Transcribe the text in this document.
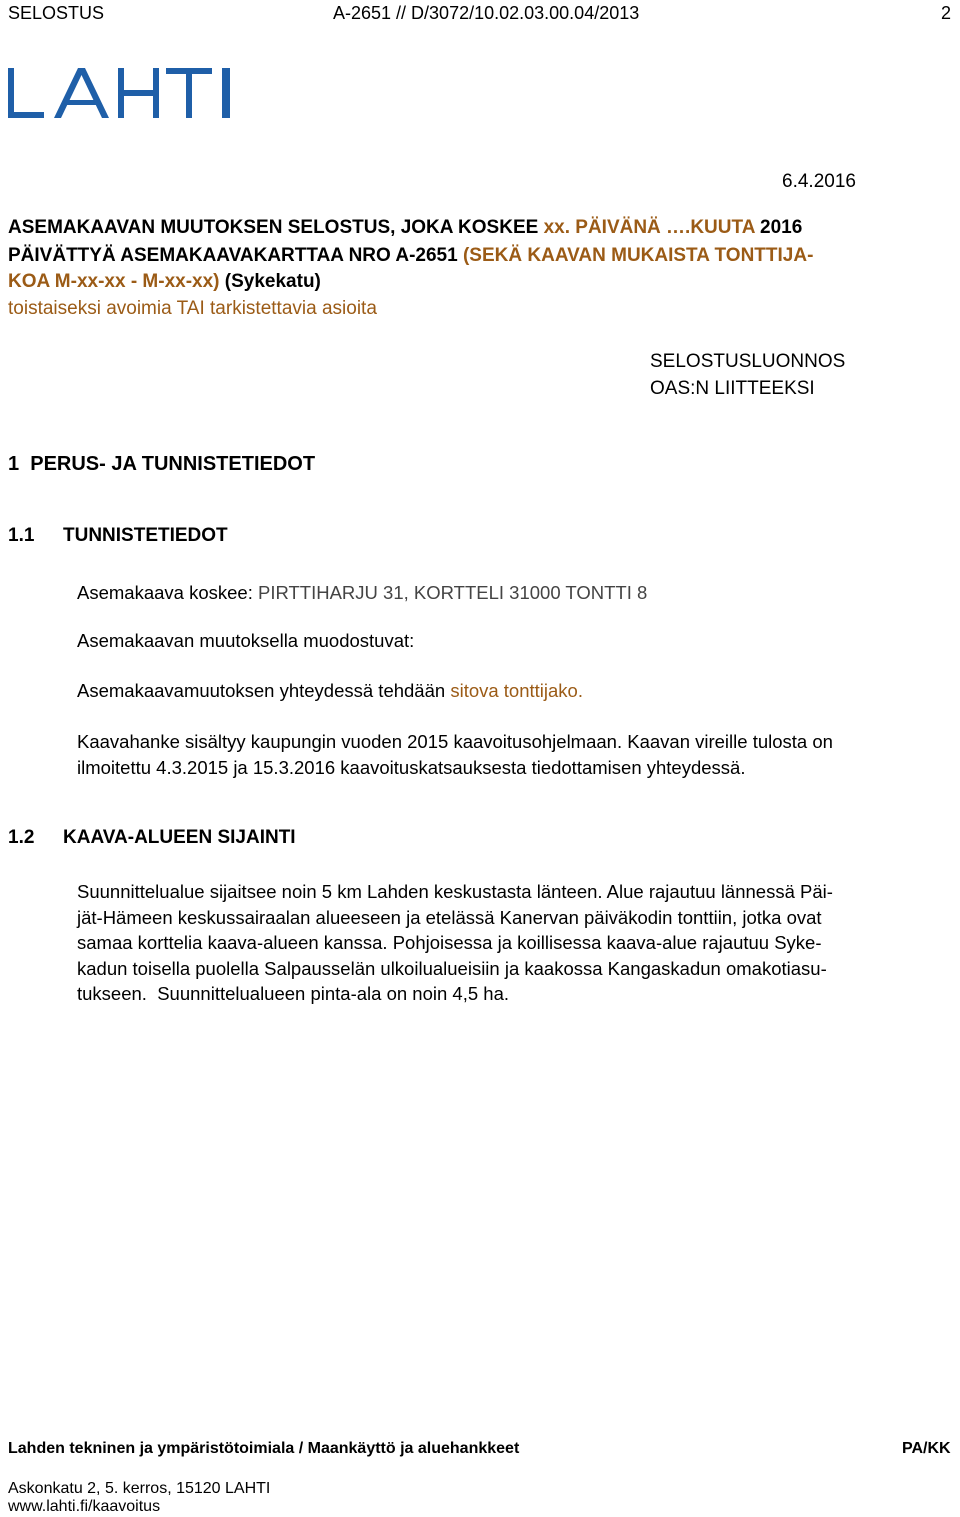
SELOSTUS	A-2651 // D/3072/10.02.03.00.04/2013	2
6.4.2016
ASEMAKAAVAN MUUTOKSEN SELOSTUS, JOKA KOSKEE xx. PÄIVÄNÄ ….KUUTA 2016
PÄIVÄTTYÄ ASEMAKAAVAKARTTAA NRO A-2651 (SEKÄ KAAVAN MUKAISTA TONTTIJA-
KOA M-xx-xx - M-xx-xx) (Sykekatu)
toistaiseksi avoimia TAI tarkistettavia asioita
SELOSTUSLUONNOS
OAS:N LIITTEEKSI
1  PERUS- JA TUNNISTETIEDOT
1.1 TUNNISTETIEDOT
Asemakaava koskee: PIRTTIHARJU 31, KORTTELI 31000 TONTTI 8
Asemakaavan muutoksella muodostuvat:
Asemakaavamuutoksen yhteydessä tehdään sitova tonttijako.
Kaavahanke sisältyy kaupungin vuoden 2015 kaavoitusohjelmaan. Kaavan vireille tulosta on
ilmoitettu 4.3.2015 ja 15.3.2016 kaavoituskatsauksesta tiedottamisen yhteydessä.
1.2 KAAVA-ALUEEN SIJAINTI

Suunnittelualue sijaitsee noin 5 km Lahden keskustasta länteen. Alue rajautuu lännessä Päi-

jät-Hämeen keskussairaalan alueeseen ja etelässä Kanervan päiväkodin tonttiin, jotka ovat

samaa korttelia kaava-alueen kanssa. Pohjoisessa ja koillisessa kaava-alue rajautuu Syke-

kadun toisella puolella Salpausselän ulkoilualueisiin ja kaakossa Kangaskadun omakotiasu-

tukseen.  Suunnittelualueen pinta-ala on noin 4,5 ha.

Lahden tekninen ja ympäristötoimiala / Maankäyttö ja aluehankkeet	PA/KK
Askonkatu 2, 5. kerros, 15120 LAHTI
www.lahti.fi/kaavoitus
